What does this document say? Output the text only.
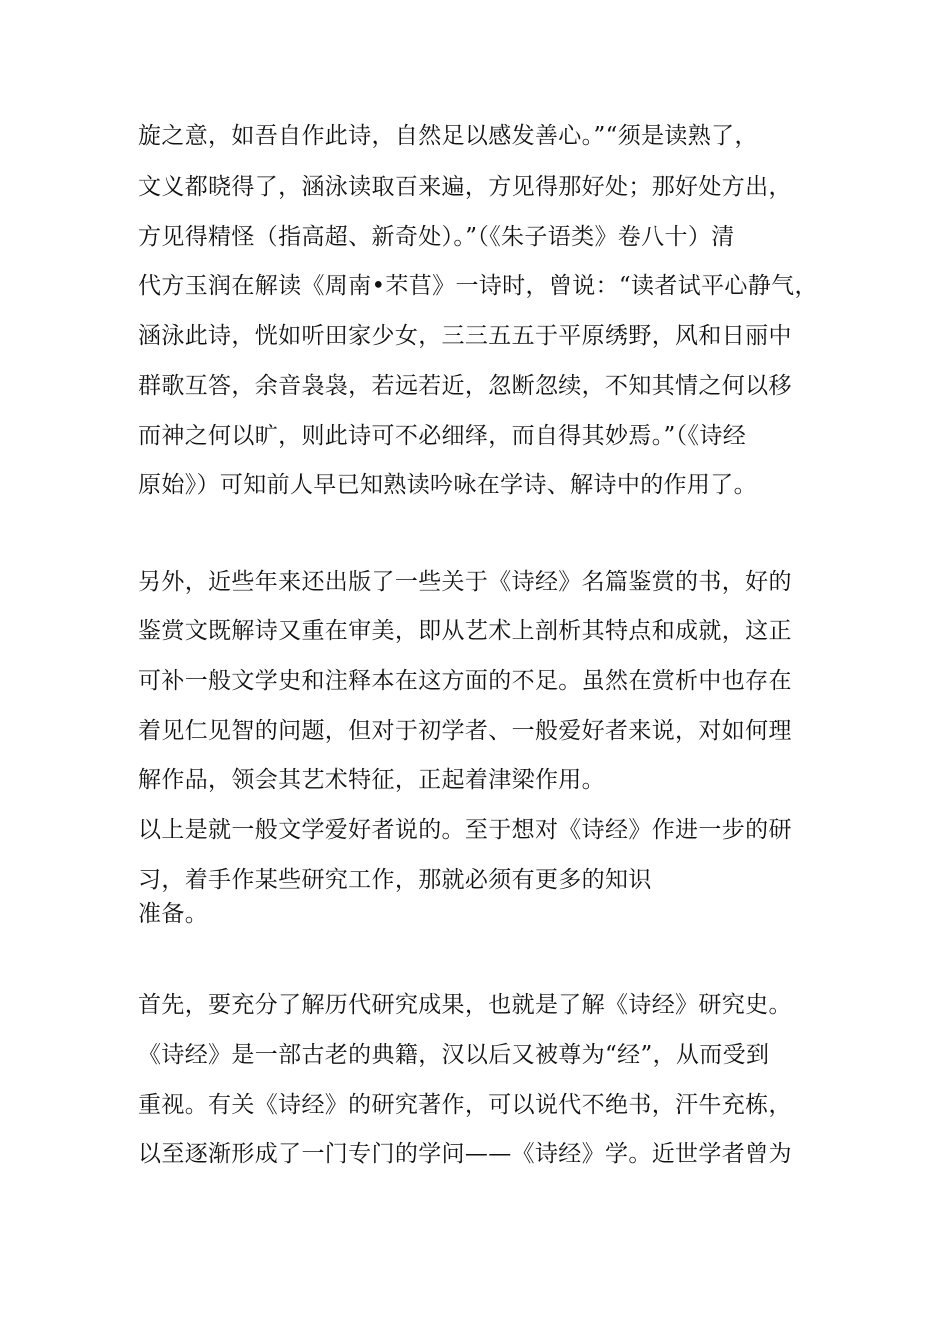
旋之意，如吾自作此诗，自然足以感发善心。”“须是读熟了，
文义都晓得了，涵泳读取百来遍，方见得那好处；那好处方出，
方见得精怪（指高超、新奇处）。”（《朱子语类》卷八十）清
代方玉润在解读《周南•芣苢》一诗时，曾说：“读者试平心静气，
涵泳此诗，恍如听田家少女，三三五五于平原绣野，风和日丽中
群歌互答，余音袅袅，若远若近，忽断忽续，不知其情之何以移
而神之何以旷，则此诗可不必细绎，而自得其妙焉。”（《诗经
原始》）可知前人早已知熟读吟咏在学诗、解诗中的作用了。
另外，近些年来还出版了一些关于《诗经》名篇鉴赏的书，好的
鉴赏文既解诗又重在审美，即从艺术上剖析其特点和成就，这正
可补一般文学史和注释本在这方面的不足。虽然在赏析中也存在
着见仁见智的问题，但对于初学者、一般爱好者来说，对如何理
解作品，领会其艺术特征，正起着津梁作用。
以上是就一般文学爱好者说的。至于想对《诗经》作进一步的研
习，着手作某些研究工作，那就必须有更多的知识
准备。
首先，要充分了解历代研究成果，也就是了解《诗经》研究史。
《诗经》是一部古老的典籍，汉以后又被尊为“经”，从而受到
重视。有关《诗经》的研究著作，可以说代不绝书，汗牛充栋，
以至逐渐形成了一门专门的学问——《诗经》学。近世学者曾为
